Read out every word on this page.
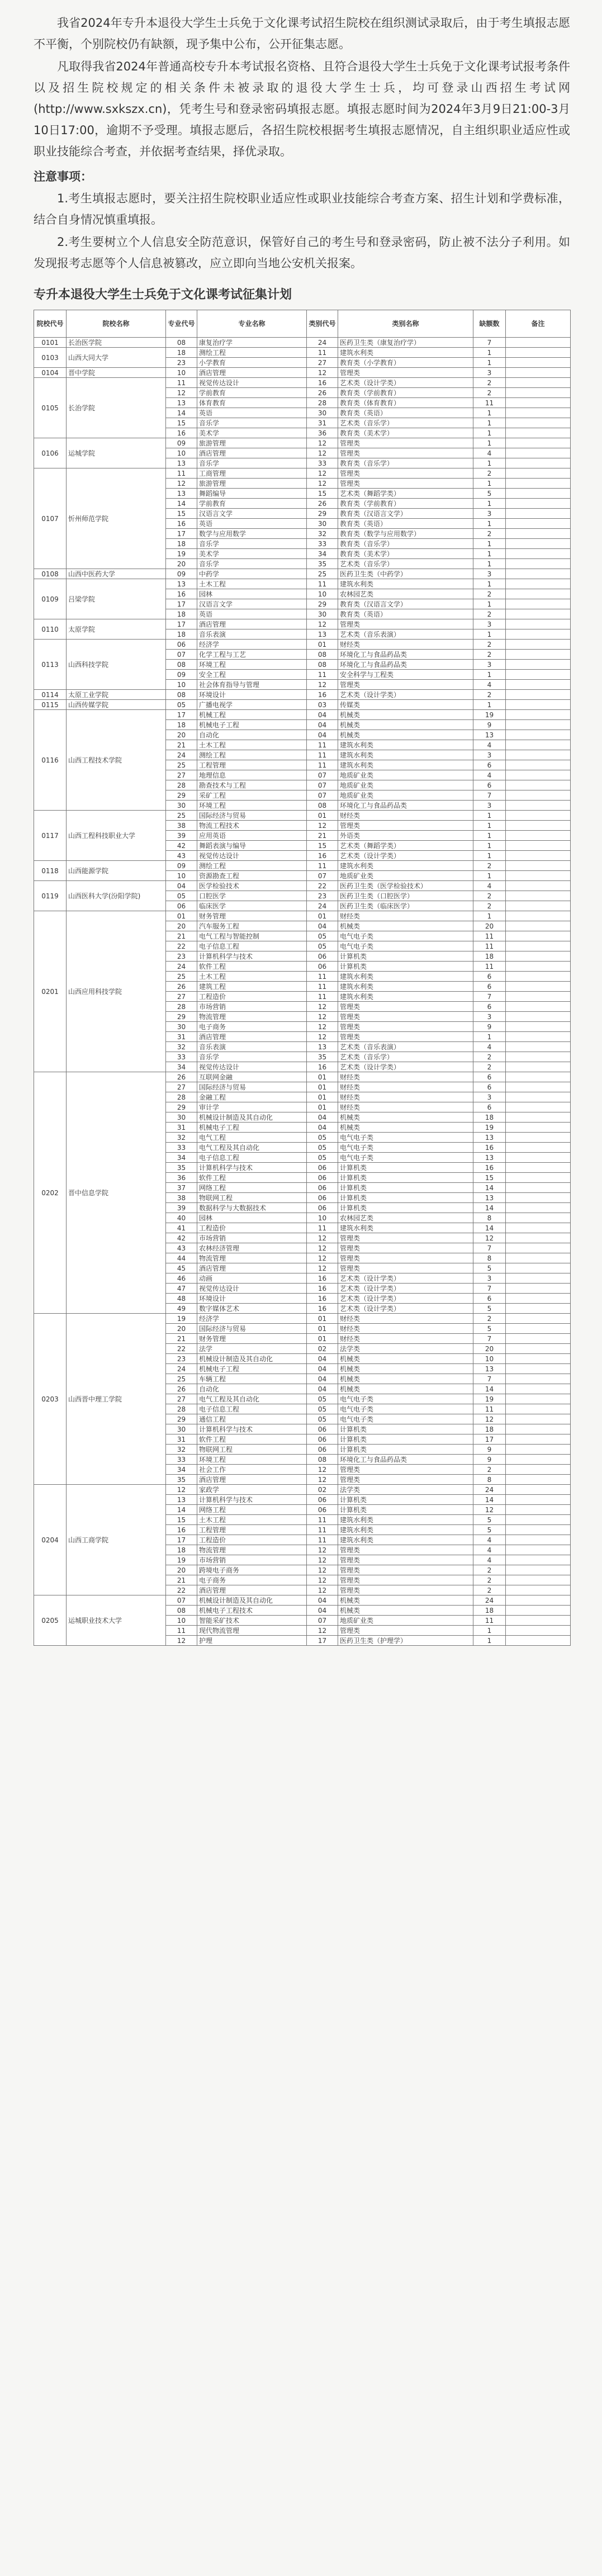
我省2024年专升本退役大学生士兵免于文化课考试招生院校在组织测试录取后，由于考生填报志愿不平衡，个别院校仍有缺额，现予集中公布，公开征集志愿。

凡取得我省2024年普通高校专升本考试报名资格、且符合退役大学生士兵免于文化课考试报考条件以及招生院校规定的相关条件未被录取的退役大学生士兵，均可登录山西招生考试网(http://www.sxkszx.cn)，凭考生号和登录密码填报志愿。填报志愿时间为2024年3月9日21:00-3月10日17:00，逾期不予受理。填报志愿后，各招生院校根据考生填报志愿情况，自主组织职业适应性或职业技能综合考查，并依据考查结果，择优录取。

注意事项：

1.考生填报志愿时，要关注招生院校职业适应性或职业技能综合考查方案、招生计划和学费标准，结合自身情况慎重填报。

2.考生要树立个人信息安全防范意识，保管好自己的考生号和登录密码，防止被不法分子利用。如发现报考志愿等个人信息被篡改，应立即向当地公安机关报案。

专升本退役大学生士兵免于文化课考试征集计划
院校代号	院校名称	专业代号	专业名称	类别代号	类别名称	缺额数	备注
0101	长治医学院	08	康复治疗学	24	医药卫生类（康复治疗学）	7	
0103	山西大同大学	18	测绘工程	11	建筑水利类	1	
		23	小学教育	27	教育类（小学教育）	1	
0104	晋中学院	10	酒店管理	12	管理类	3	
0105	长治学院	11	视觉传达设计	16	艺术类（设计学类）	2	
		12	学前教育	26	教育类（学前教育）	2	
		13	体育教育	28	教育类（体育教育）	11	
		14	英语	30	教育类（英语）	1	
		15	音乐学	31	艺术类（音乐学）	1	
		16	美术学	36	教育类（美术学）	1	
0106	运城学院	09	旅游管理	12	管理类	1	
		10	酒店管理	12	管理类	4	
		13	音乐学	33	教育类（音乐学）	1	
0107	忻州师范学院	11	工商管理	12	管理类	2	
		12	旅游管理	12	管理类	1	
		13	舞蹈编导	15	艺术类（舞蹈学类）	5	
		14	学前教育	26	教育类（学前教育）	1	
		15	汉语言文学	29	教育类（汉语言文学）	3	
		16	英语	30	教育类（英语）	1	
		17	数学与应用数学	32	教育类（数学与应用数学）	2	
		18	音乐学	33	教育类（音乐学）	1	
		19	美术学	34	教育类（美术学）	1	
		20	音乐学	35	艺术类（音乐学）	1	
0108	山西中医药大学	09	中药学	25	医药卫生类（中药学）	3	
0109	吕梁学院	13	土木工程	11	建筑水利类	1	
		16	园林	10	农林园艺类	2	
		17	汉语言文学	29	教育类（汉语言文学）	1	
		18	英语	30	教育类（英语）	2	
0110	太原学院	17	酒店管理	12	管理类	3	
		18	音乐表演	13	艺术类（音乐表演）	1	
0113	山西科技学院	06	经济学	01	财经类	2	
		07	化学工程与工艺	08	环境化工与食品药品类	2	
		08	环境工程	08	环境化工与食品药品类	3	
		09	安全工程	11	安全科学与工程类	1	
		10	社会体育指导与管理	12	管理类	4	
0114	太原工业学院	08	环境设计	16	艺术类（设计学类）	2	
0115	山西传媒学院	05	广播电视学	03	传媒类	1	
0116	山西工程技术学院	17	机械工程	04	机械类	19	
		18	机械电子工程	04	机械类	9	
		20	自动化	04	机械类	13	
		21	土木工程	11	建筑水利类	4	
		24	测绘工程	11	建筑水利类	3	
		25	工程管理	11	建筑水利类	6	
		27	地理信息	07	地质矿业类	4	
		28	勘查技术与工程	07	地质矿业类	6	
		29	采矿工程	07	地质矿业类	7	
		30	环境工程	08	环境化工与食品药品类	3	
0117	山西工程科技职业大学	25	国际经济与贸易	01	财经类	1	
		38	物流工程技术	12	管理类	1	
		39	应用英语	21	外语类	1	
		42	舞蹈表演与编导	15	艺术类（舞蹈学类）	1	
		43	视觉传达设计	16	艺术类（设计学类）	1	
0118	山西能源学院	09	测绘工程	11	建筑水利类	2	
		10	资源勘查工程	07	地质矿业类	1	
0119	山西医科大学(汾阳学院)	04	医学检验技术	22	医药卫生类（医学检验技术）	4	
		05	口腔医学	23	医药卫生类（口腔医学）	2	
		06	临床医学	24	医药卫生类（临床医学）	2	
0201	山西应用科技学院	01	财务管理	01	财经类	1	
		20	汽车服务工程	04	机械类	20	
		21	电气工程与智能控制	05	电气电子类	11	
		22	电子信息工程	05	电气电子类	11	
		23	计算机科学与技术	06	计算机类	18	
		24	软件工程	06	计算机类	11	
		25	土木工程	11	建筑水利类	6	
		26	建筑工程	11	建筑水利类	6	
		27	工程造价	11	建筑水利类	7	
		28	市场营销	12	管理类	6	
		29	物流管理	12	管理类	3	
		30	电子商务	12	管理类	9	
		31	酒店管理	12	管理类	1	
		32	音乐表演	13	艺术类（音乐表演）	4	
		33	音乐学	35	艺术类（音乐学）	2	
		34	视觉传达设计	16	艺术类（设计学类）	2	
0202	晋中信息学院	26	互联网金融	01	财经类	6	
		27	国际经济与贸易	01	财经类	6	
		28	金融工程	01	财经类	3	
		29	审计学	01	财经类	6	
		30	机械设计制造及其自动化	04	机械类	18	
		31	机械电子工程	04	机械类	19	
		32	电气工程	05	电气电子类	13	
		33	电气工程及其自动化	05	电气电子类	16	
		34	电子信息工程	05	电气电子类	13	
		35	计算机科学与技术	06	计算机类	16	
		36	软件工程	06	计算机类	15	
		37	网络工程	06	计算机类	14	
		38	物联网工程	06	计算机类	13	
		39	数据科学与大数据技术	06	计算机类	14	
		40	园林	10	农林园艺类	8	
		41	工程造价	11	建筑水利类	14	
		42	市场营销	12	管理类	12	
		43	农林经济管理	12	管理类	7	
		44	物流管理	12	管理类	8	
		45	酒店管理	12	管理类	5	
		46	动画	16	艺术类（设计学类）	3	
		47	视觉传达设计	16	艺术类（设计学类）	7	
		48	环境设计	16	艺术类（设计学类）	6	
		49	数字媒体艺术	16	艺术类（设计学类）	5	
0203	山西晋中理工学院	19	经济学	01	财经类	2	
		20	国际经济与贸易	01	财经类	5	
		21	财务管理	01	财经类	7	
		22	法学	02	法学类	20	
		23	机械设计制造及其自动化	04	机械类	10	
		24	机械电子工程	04	机械类	13	
		25	车辆工程	04	机械类	7	
		26	自动化	04	机械类	14	
		27	电气工程及其自动化	05	电气电子类	19	
		28	电子信息工程	05	电气电子类	11	
		29	通信工程	05	电气电子类	12	
		30	计算机科学与技术	06	计算机类	18	
		31	软件工程	06	计算机类	17	
		32	物联网工程	06	计算机类	9	
		33	环境工程	08	环境化工与食品药品类	9	
		34	社会工作	12	管理类	2	
		35	酒店管理	12	管理类	8	
0204	山西工商学院	12	家政学	02	法学类	24	
		13	计算机科学与技术	06	计算机类	14	
		14	网络工程	06	计算机类	12	
		15	土木工程	11	建筑水利类	5	
		16	工程管理	11	建筑水利类	5	
		17	工程造价	11	建筑水利类	4	
		18	物流管理	12	管理类	4	
		19	市场营销	12	管理类	4	
		20	跨境电子商务	12	管理类	2	
		21	电子商务	12	管理类	2	
		22	酒店管理	12	管理类	2	
0205	运城职业技术大学	07	机械设计制造及其自动化	04	机械类	24	
		08	机械电子工程技术	04	机械类	18	
		10	智能采矿技术	07	地质矿业类	11	
		11	现代物流管理	12	管理类	1	
		12	护理	17	医药卫生类（护理学）	1	
